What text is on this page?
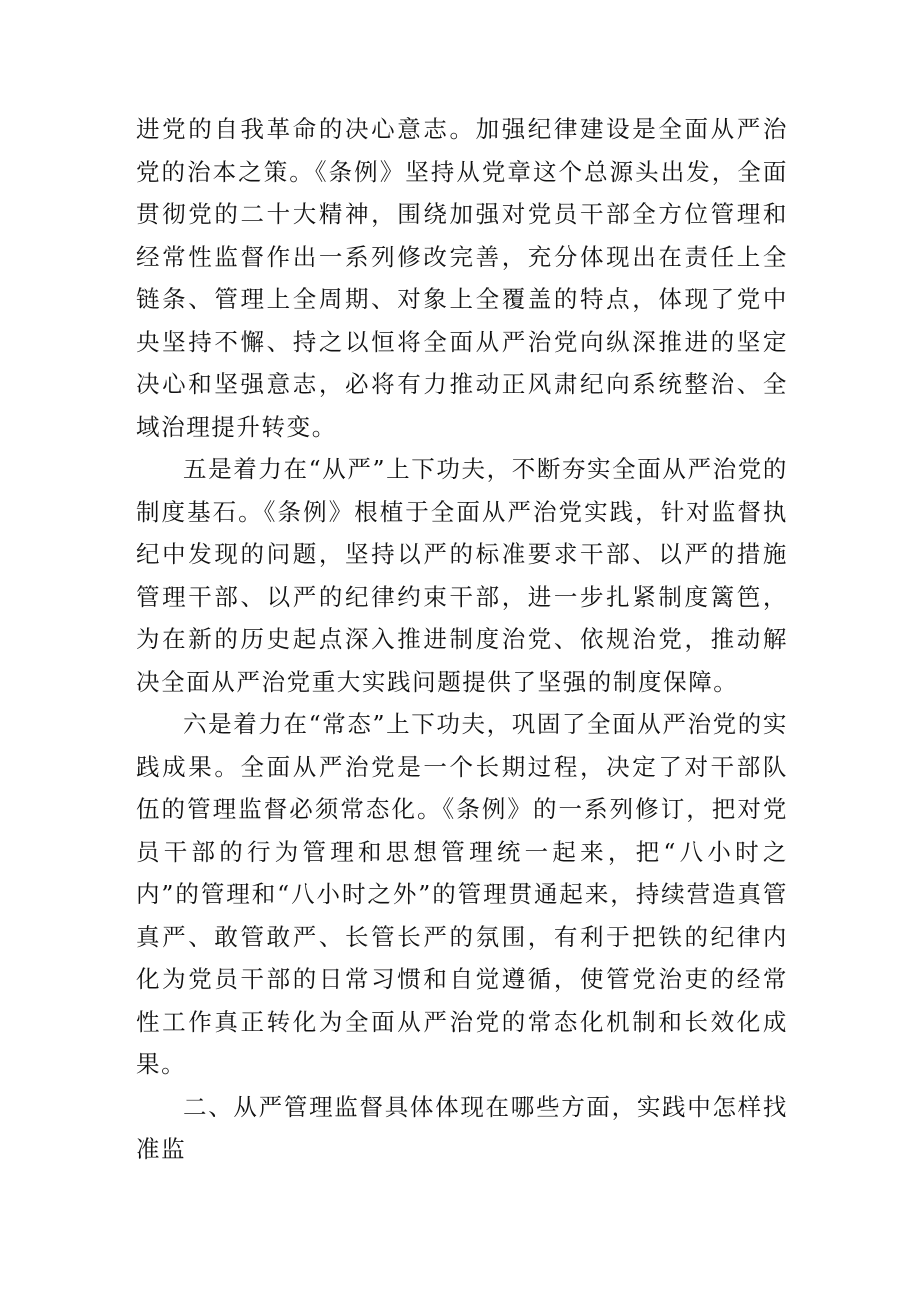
进党的自我革命的决心意志。加强纪律建设是全面从严治党的治本之策。《条例》坚持从党章这个总源头出发，全面贯彻党的二十大精神，围绕加强对党员干部全方位管理和经常性监督作出一系列修改完善，充分体现出在责任上全链条、管理上全周期、对象上全覆盖的特点，体现了党中央坚持不懈、持之以恒将全面从严治党向纵深推进的坚定决心和坚强意志，必将有力推动正风肃纪向系统整治、全域治理提升转变。

五是着力在“从严”上下功夫，不断夯实全面从严治党的制度基石。《条例》根植于全面从严治党实践，针对监督执纪中发现的问题，坚持以严的标准要求干部、以严的措施管理干部、以严的纪律约束干部，进一步扎紧制度篱笆，为在新的历史起点深入推进制度治党、依规治党，推动解决全面从严治党重大实践问题提供了坚强的制度保障。

六是着力在“常态”上下功夫，巩固了全面从严治党的实践成果。全面从严治党是一个长期过程，决定了对干部队伍的管理监督必须常态化。《条例》的一系列修订，把对党员干部的行为管理和思想管理统一起来，把“八小时之内”的管理和“八小时之外”的管理贯通起来，持续营造真管真严、敢管敢严、长管长严的氛围，有利于把铁的纪律内化为党员干部的日常习惯和自觉遵循，使管党治吏的经常性工作真正转化为全面从严治党的常态化机制和长效化成果。

二、从严管理监督具体体现在哪些方面，实践中怎样找准监
